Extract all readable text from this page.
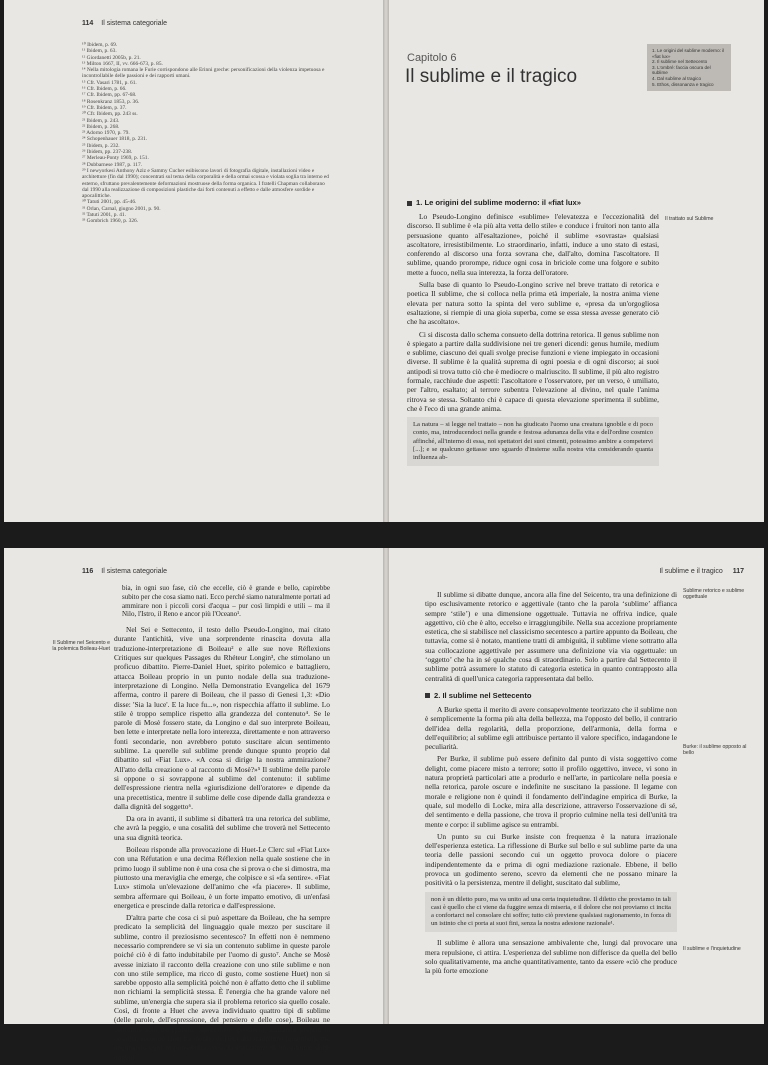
114 Il sistema categoriale

¹⁰ Ibidem, p. 69.

¹¹ Ibidem, p. 63.

¹² Giordanetti 2005b, p. 21.

¹³ Milton 1667, II, vv. 666-673, p. 85.

¹⁴ Nella mitologia romana le Furie corrispondono alle Erinni greche: personificazioni della violenza impetuosa e incontrollabile delle passioni e dei rapporti umani.

¹⁵ Cfr. Vasari 1781, p. 61.

¹⁶ Cfr. Ibidem, p. 66.

¹⁷ Cfr. Ibidem, pp. 67-68.

¹⁸ Rosenkranz 1853, p. 36.

¹⁹ Cfr. Ibidem, p. 37.

²⁰ Cfr. Ibidem, pp. 243 ss.

²¹ Ibidem, p. 243.

²² Ibidem, p. 268.

²³ Adorno 1970, p. 79.

²⁴ Schopenhauer 1818, p. 231.

²⁵ Ibidem, p. 232.

²⁶ Ibidem, pp. 237-238.

²⁷ Merleau-Ponty 1969, p. 151.

²⁸ Dubbarnese 1987, p. 117.

²⁹ I newyorkesi Anthony Aziz e Sammy Cucher esibiscono lavori di fotografia digitale, installazioni video e architetture (fin dal 1990); concentrati sul tema della corporalità e della ormai scossa e violata soglia tra interno ed esterno, sfruttano prevalentemente deformazioni mostruose della forma organica. I fratelli Chapman collaborano dal 1990 alla realizzazione di composizioni plastiche dai forti contenuti a effetto e dalle atmosfere sordide e apocalittiche.

³⁰ Tatuti 2001, pp. 45-46.

³¹ Orlan, Carnal, giugno 2001, p. 90.

³² Tatuti 2001, p. 41.

³³ Gombrich 1960, p. 326.

Capitolo 6
Il sublime e il tragico

1. Le origini del sublime moderno: il «fiat lux»

2. Il sublime nel Settecento

3. L'ombré: faccia oscura del sublime

4. Dal sublime al tragico

5. Ethos, dissonanza e tragico

1. Le origini del sublime moderno: il «fiat lux»

Lo Pseudo-Longino definisce «sublime» l'elevatezza e l'eccezionalità del discorso. Il sublime è «la più alta vetta dello stile» e conduce i fruitori non tanto alla persuasione quanto all'esaltazione», poiché il sublime «sovrasta» qualsiasi ascoltatore, irresistibilmente. Lo straordinario, infatti, induce a uno stato di estasi, conferendo al discorso una forza sovrana che, dall'alto, domina l'ascoltatore. Il sublime, quando prorompe, riduce ogni cosa in briciole come una folgore e subito mette a fuoco, nella sua interezza, la forza dell'oratore.

Sulla base di quanto lo Pseudo-Longino scrive nel breve trattato di retorica e poetica Il sublime, che si colloca nella prima età imperiale, la nostra anima viene elevata per natura sotto la spinta del vero sublime e, «presa da un'orgogliosa esaltazione, si riempie di una gioia superba, come se essa stessa avesse generato ciò che ha ascoltato».

Ci si discosta dallo schema consueto della dottrina retorica. Il genus sublime non è spiegato a partire dalla suddivisione nei tre generi dicendi: genus humile, medium e sublime, ciascuno dei quali svolge precise funzioni e viene impiegato in occasioni diverse. Il sublime è la qualità suprema di ogni poesia e di ogni discorso; ai suoi antipodi si trova tutto ciò che è mediocre o malriuscito. Il sublime, il più alto registro formale, racchiude due aspetti: l'ascoltatore e l'osservatore, per un verso, è umiliato, per l'altro, esaltato; al terrore subentra l'elevazione al divino, nel quale l'anima ritrova se stessa. Soltanto chi è capace di questa elevazione sperimenta il sublime, che è l'eco di una grande anima.

La natura – si legge nel trattato – non ha giudicato l'uomo una creatura ignobile e di poco conto, ma, introducendoci nella grande e festosa adunanza della vita e dell'ordine cosmico affinché, all'interno di essa, noi spettatori dei suoi cimenti, potessimo ambire a competervi [...]; e se qualcuno gettasse uno sguardo d'insieme sulla nostra vita considerando quanta influenza ab-
Il trattato sul Sublime
116 Il sistema categoriale

bia, in ogni suo fase, ciò che eccelle, ciò è grande e bello, capirebbe subito per che cosa siamo nati. Ecco perché siamo naturalmente portati ad ammirare non i piccoli corsi d'acqua – pur così limpidi e utili – ma il Nilo, l'Istro, il Reno e ancor più l'Oceano¹.

Nel Sei e Settecento, il testo dello Pseudo-Longino, mai citato durante l'antichità, vive una sorprendente rinascita dovuta alla traduzione-interpretazione di Boileau² e alle sue nove Réflexions Critiques sur quelques Passages du Rhéteur Longin³, che stimolano un proficuo dibattito. Pierre-Daniel Huet, spirito polemico e battagliero, attacca Boileau proprio in un punto nodale della sua traduzione-interpretazione di Longino. Nella Demonstratio Evangelica del 1679 afferma, contro il parere di Boileau, che il passo di Genesi 1,3: «Dio disse: 'Sia la luce'. E la luce fu...», non rispecchia affatto il sublime. Lo stile è troppo semplice rispetto alla grandezza del contenuto⁴. Se le parole di Mosè fossero state, da Longino e dal suo interprete Boileau, ben lette e interpretate nella loro interezza, direttamente e non attraverso fonti secondarie, non avrebbero potuto suscitare alcun sentimento sublime. La querelle sul sublime prende dunque spunto proprio dal dibattito sul «Fiat Lux». «A cosa si dirige la nostra ammirazione? All'atto della creazione o al racconto di Mosè?»⁵ Il sublime delle parole si oppone o si sovrappone al sublime del contenuto: il sublime dell'espressione rientra nella «giurisdizione dell'oratore» e dipende da una precettistica, mentre il sublime delle cose dipende dalla grandezza e dalla dignità del soggetto⁶.

Da ora in avanti, il sublime si dibatterà tra una retorica del sublime, che avrà la peggio, e una cosalità del sublime che troverà nel Settecento una sua dignità teorica.

Boileau risponde alla provocazione di Huet-Le Clerc sul «Fiat Lux» con una Réfutation e una decima Réflexion nella quale sostiene che in primo luogo il sublime non è una cosa che si prova o che si dimostra, ma piuttosto una meraviglia che emerge, che colpisce e si «fa sentire». «Fiat Lux» stimola un'elevazione dell'animo che «fa piacere». Il sublime, sembra affermare qui Boileau, è un forte impatto emotivo, di un'enfasi energetica e prescinde dalla retorica e dall'espressione.

D'altra parte che cosa ci si può aspettare da Boileau, che ha sempre predicato la semplicità del linguaggio quale mezzo per suscitare il sublime, contro il preziosismo secentesco? In effetti non è nemmeno necessario comprendere se vi sia un contenuto sublime in queste parole poiché ciò è di fatto indubitabile per l'uomo di gusto⁷. Anche se Mosè avesse iniziato il racconto della creazione con uno stile sublime e non con uno stile semplice, ma ricco di gusto, come sostiene Huet) non si sarebbe opposto alla semplicità poiché non è affatto detto che il sublime non richiami la semplicità stessa. È l'energia che ha grande valore nel sublime, un'energia che supera sia il problema retorico sia quello cosale. Così, di fronte a Huet che aveva individuato quattro tipi di sublime (delle parole, dell'espressione, del pensiero e delle cose), Boileau ne conferma solo tre (parole, espressione, pensiero) scartando proprio la cosalità, secondo Huet ha meglio di Huet alla tradizione longiniana, ma declinando ogni responsabilità verso la trattazione di un sublime degli oggetti.

Il Sublime nel Seicento e la polemica Boileau-Huet
Il sublime e il tragico 117

Il sublime si dibatte dunque, ancora alla fine del Seicento, tra una definizione di tipo esclusivamente retorico e aggettivale (tanto che la parola ‘sublime’ affianca sempre ‘stile’) e una dimensione oggettuale. Tuttavia ne offriva indice, quale aggettivo, ciò che è alto, eccelso e irraggiungibile. Nella sua accezione propriamente estetica, che si stabilisce nel classicismo secentesco a partire appunto da Boileau, che tuttavia, come si è notato, mantiene tratti di ambiguità, il sublime viene sottratto alla sua collocazione aggettivale per assumere una definizione via via oggettuale: un ‘oggetto’ che ha in sé qualche cosa di straordinario. Solo a partire dal Settecento il sublime potrà assumere lo statuto di categoria estetica in quanto contrapposto alla centralità di quell'unica categoria rappresentata dal bello.

2. Il sublime nel Settecento

A Burke spetta il merito di avere consapevolmente teorizzato che il sublime non è semplicemente la forma più alta della bellezza, ma l'opposto del bello, il contrario dell'idea della regolarità, della proporzione, dell'armonia, della forma e dell'equilibrio; al sublime egli attribuisce pertanto il valore specifico, indagandone le peculiarità.

Per Burke, il sublime può essere definito dal punto di vista soggettivo come delight, come piacere misto a terrore; sotto il profilo oggettivo, invece, vi sono in natura proprietà particolari atte a produrlo e nell'arte, in particolare nella poesia e nella retorica, parole oscure e indefinite ne suscitano la passione. Il legame con morale e religione non è quindi il fondamento dell'indagine empirica di Burke, la quale, sul modello di Locke, mira alla descrizione, attraverso l'osservazione di sé, del sentimento e della passione, che trova il proprio culmine nella tesi dell'unità tra mente e corpo: il sublime agisce su entrambi.

Un punto su cui Burke insiste con frequenza è la natura irrazionale dell'esperienza estetica. La riflessione di Burke sul bello e sul sublime parte da una teoria delle passioni secondo cui un oggetto provoca dolore o piacere indipendentemente da e prima di ogni mediazione razionale. Ebbene, il bello provoca un godimento sereno, scevro da elementi che ne possano minare la positività o la persistenza, mentre il delight, suscitato dal sublime,

non è un diletto puro, ma va unito ad una certa inquietudine. Il diletto che proviamo in tali casi è quello che ci viene da fuggire senza di miseria, e il dolore che noi proviamo ci incita a confortarci nel consolare chi soffre; tutto ciò previene qualsiasi ragionamento, in forza di un istinto che ci porta ai suoi fini, senza la nostra adesione razionale¹.

Il sublime è allora una sensazione ambivalente che, lungi dal provocare una mera repulsione, ci attira. L'esperienza del sublime non differisce da quella del bello solo qualitativamente, ma anche quantitativamente, tanto da essere «ciò che produce la più forte emozione

Sublime retorico e sublime oggettuale
Burke: il sublime opposto al bello
Il sublime e l'inquietudine
